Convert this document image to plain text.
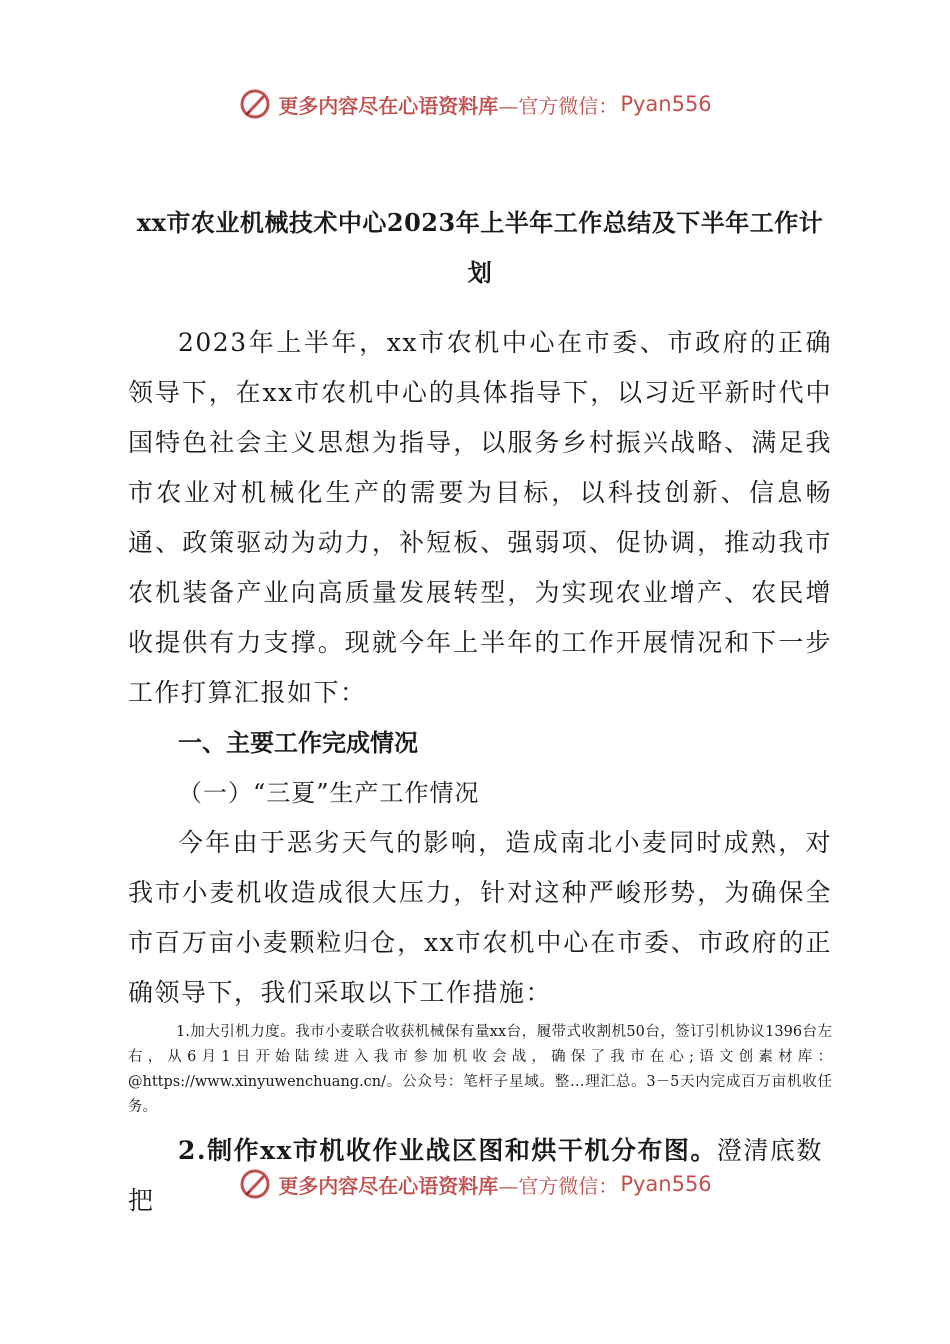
更多内容尽在心语资料库 —官方微信： Pyan556
xx市农业机械技术中心2023年上半年工作总结及下半年工作计划

2023年上半年，xx市农机中心在市委、市政府的正确领导下，在xx市农机中心的具体指导下，以习近平新时代中国特色社会主义思想为指导，以服务乡村振兴战略、满足我市农业对机械化生产的需要为目标，以科技创新、信息畅通、政策驱动为动力，补短板、强弱项、促协调，推动我市农机装备产业向高质量发展转型，为实现农业增产、农民增收提供有力支撑。现就今年上半年的工作开展情况和下一步工作打算汇报如下：

一、主要工作完成情况

（一）“三夏”生产工作情况

今年由于恶劣天气的影响，造成南北小麦同时成熟，对我市小麦机收造成很大压力，针对这种严峻形势，为确保全市百万亩小麦颗粒归仓，xx市农机中心在市委、市政府的正确领导下，我们采取以下工作措施：

1.加大引机力度。我市小麦联合收获机械保有量xx台，履带式收割机50台，签订引机协议1396台左右，从6月1日开始陆续进入我市参加机收会战，确保了我市在心;语文创素材库：@https://www.xinyuwenchuang.cn/。公众号：笔杆子星域。整…理汇总。3－5天内完成百万亩机收任务。

2.制作xx市机收作业战区图和烘干机分布图。澄清底数把

更多内容尽在心语资料库 —官方微信： Pyan556
